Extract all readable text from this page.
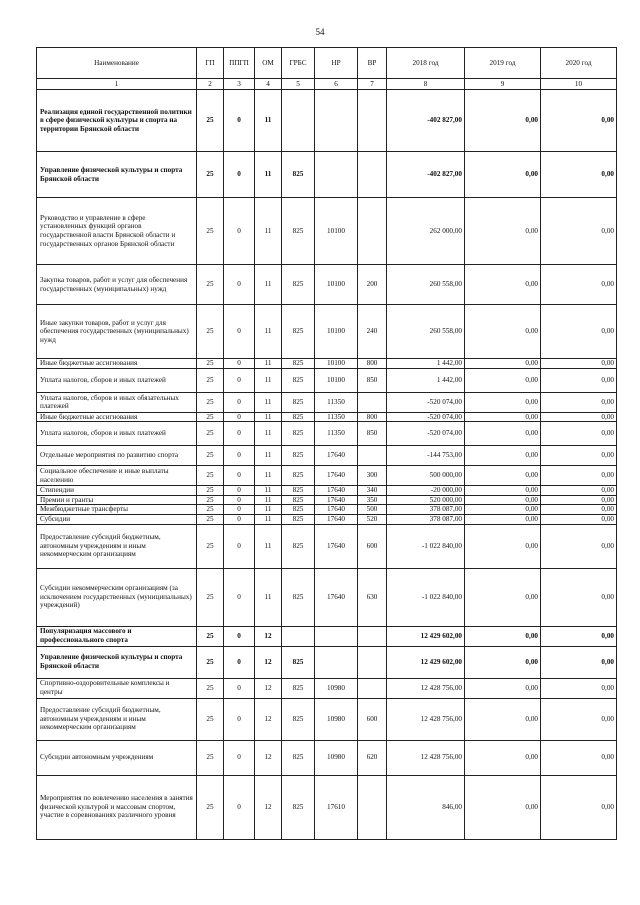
54
Наименование	ГП	ППГП	ОМ	ГРБС	НР	ВР	2018 год	2019 год	2020 год
1	2	3	4	5	6	7	8	9	10
Реализация единой государственной политики в сфере физической культуры и спорта на территории Брянской области	25	0	11				-402 827,00	0,00	0,00
Управление физической культуры и спорта Брянской области	25	0	11	825			-402 827,00	0,00	0,00
Руководство и управление в сфере установленных функций органов государственной власти Брянской области и государственных органов Брянской области	25	0	11	825	10100		262 000,00	0,00	0,00
Закупка товаров, работ и услуг для обеспечения государственных (муниципальных) нужд	25	0	11	825	10100	200	260 558,00	0,00	0,00
Иные закупки товаров, работ и услуг для обеспечения государственных (муниципальных) нужд	25	0	11	825	10100	240	260 558,00	0,00	0,00
Иные бюджетные ассигнования	25	0	11	825	10100	800	1 442,00	0,00	0,00
Уплата налогов, сборов и иных платежей	25	0	11	825	10100	850	1 442,00	0,00	0,00
Уплата налогов, сборов и иных обязательных платежей	25	0	11	825	11350		-520 074,00	0,00	0,00
Иные бюджетные ассигнования	25	0	11	825	11350	800	-520 074,00	0,00	0,00
Уплата налогов, сборов и иных платежей	25	0	11	825	11350	850	-520 074,00	0,00	0,00
Отдельные мероприятия по развитию спорта	25	0	11	825	17640		-144 753,00	0,00	0,00
Социальное обеспечение и иные выплаты населению	25	0	11	825	17640	300	500 000,00	0,00	0,00
Стипендии	25	0	11	825	17640	340	-20 000,00	0,00	0,00
Премии и гранты	25	0	11	825	17640	350	520 000,00	0,00	0,00
Межбюджетные трансферты	25	0	11	825	17640	500	378 087,00	0,00	0,00
Субсидии	25	0	11	825	17640	520	378 087,00	0,00	0,00
Предоставление субсидий бюджетным, автономным учреждениям и иным некоммерческим организациям	25	0	11	825	17640	600	-1 022 840,00	0,00	0,00
Субсидии некоммерческим организациям (за исключением государственных (муниципальных) учреждений)	25	0	11	825	17640	630	-1 022 840,00	0,00	0,00
Популяризация массового и профессионального спорта	25	0	12				12 429 602,00	0,00	0,00
Управление физической культуры и спорта Брянской области	25	0	12	825			12 429 602,00	0,00	0,00
Спортивно-оздоровительные комплексы и центры	25	0	12	825	10980		12 428 756,00	0,00	0,00
Предоставление субсидий бюджетным, автономным учреждениям и иным некоммерческим организациям	25	0	12	825	10980	600	12 428 756,00	0,00	0,00
Субсидии автономным учреждениям	25	0	12	825	10980	620	12 428 756,00	0,00	0,00
Мероприятия по вовлечению населения в занятия физической культурой и массовым спортом, участие в соревнованиях различного уровня	25	0	12	825	17610		846,00	0,00	0,00
